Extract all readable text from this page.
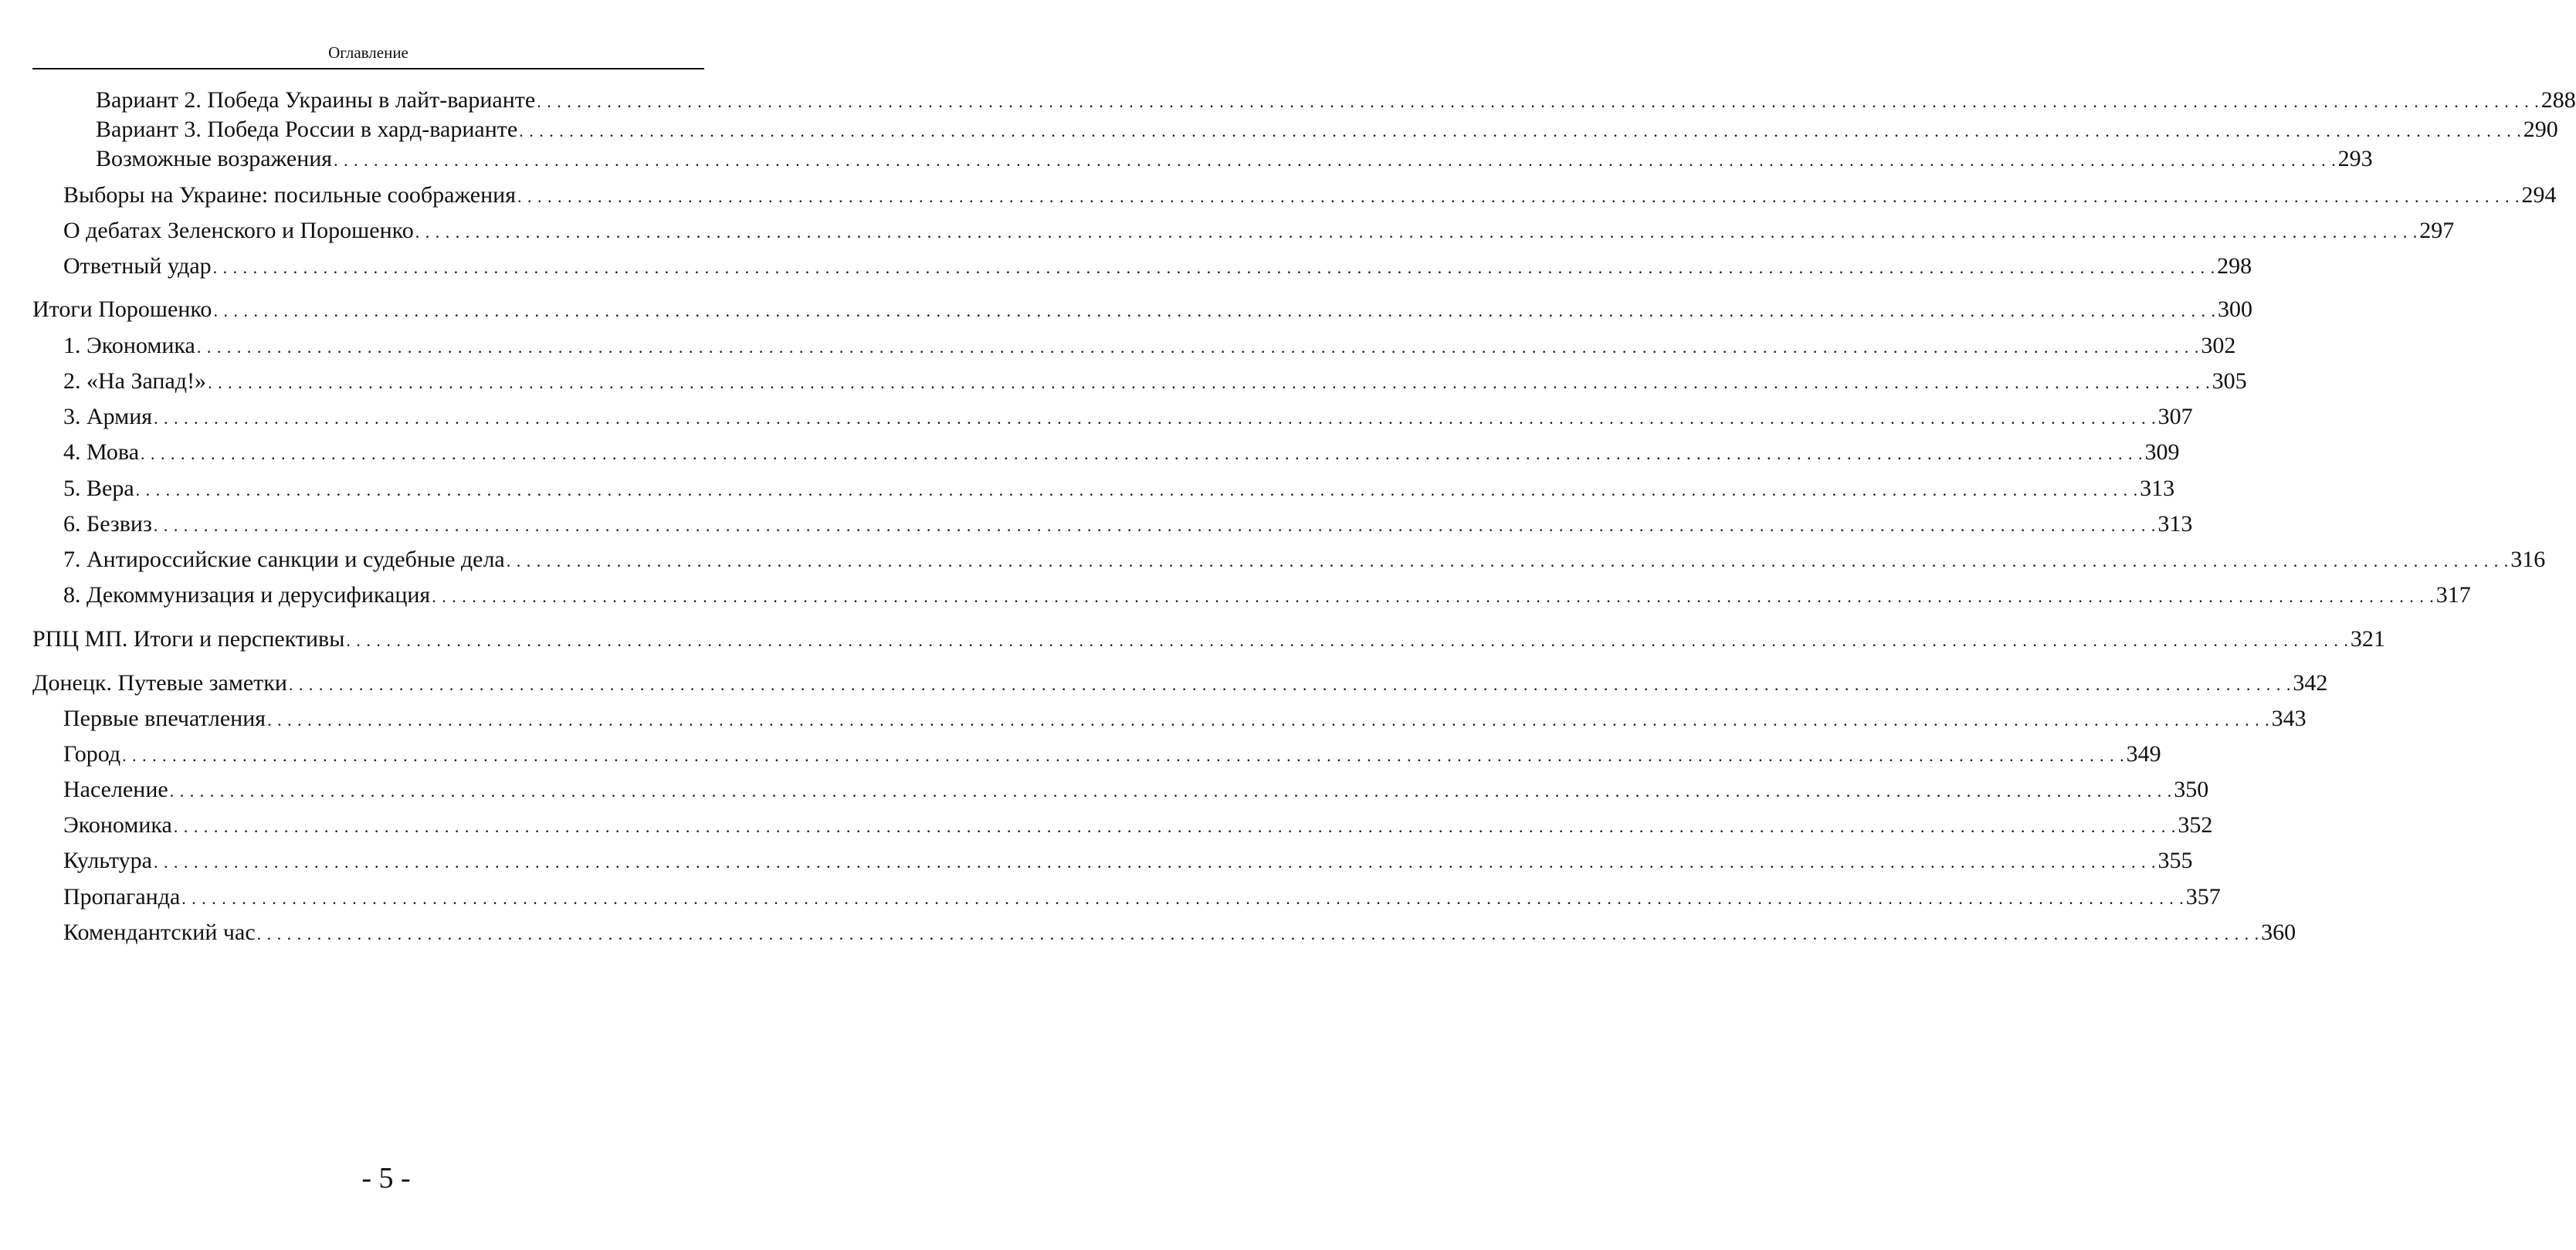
Оглавление
Вариант 2. Победа Украины в лайт-варианте . . . . . . . . . . . . . . . . . . . . . . . . . . . . . . . . . . . . . . . . . . . . . . . . . . . . . . . . . . . . . . . . . . . . . . . . . . . . . . . . . . . . . . . . . . . . . . . . . . . . . . . . . . . . . . . . . . . . . . . . . . . . . . . . . . . . . . . . . . . . . . . . . . . . . . . . . . . . . . . . . . . . . . . . . . . . . . . . . . . . . . . . . . . . . . . . . . . . . . . . 288
Вариант 3. Победа России в хард-варианте . . . . . . . . . . . . . . . . . . . . . . . . . . . . . . . . . . . . . . . . . . . . . . . . . . . . . . . . . . . . . . . . . . . . . . . . . . . . . . . . . . . . . . . . . . . . . . . . . . . . . . . . . . . . . . . . . . . . . . . . . . . . . . . . . . . . . . . . . . . . . . . . . . . . . . . . . . . . . . . . . . . . . . . . . . . . . . . . . . . . . . . . . . . . . . . . . . . . . . . . 290
Возможные возражения . . . . . . . . . . . . . . . . . . . . . . . . . . . . . . . . . . . . . . . . . . . . . . . . . . . . . . . . . . . . . . . . . . . . . . . . . . . . . . . . . . . . . . . . . . . . . . . . . . . . . . . . . . . . . . . . . . . . . . . . . . . . . . . . . . . . . . . . . . . . . . . . . . . . . . . . . . . . . . . . . . . . . . . . . . . . . . . . . . . . . . . . . . . . . . . . . . . . . . . . 293
Выборы на Украине: посильные соображения . . . . . . . . . . . . . . . . . . . . . . . . . . . . . . . . . . . . . . . . . . . . . . . . . . . . . . . . . . . . . . . . . . . . . . . . . . . . . . . . . . . . . . . . . . . . . . . . . . . . . . . . . . . . . . . . . . . . . . . . . . . . . . . . . . . . . . . . . . . . . . . . . . . . . . . . . . . . . . . . . . . . . . . . . . . . . . . . . . . . . . . . . . . . . . . . . . . . . . . . 294
О дебатах Зеленского и Порошенко . . . . . . . . . . . . . . . . . . . . . . . . . . . . . . . . . . . . . . . . . . . . . . . . . . . . . . . . . . . . . . . . . . . . . . . . . . . . . . . . . . . . . . . . . . . . . . . . . . . . . . . . . . . . . . . . . . . . . . . . . . . . . . . . . . . . . . . . . . . . . . . . . . . . . . . . . . . . . . . . . . . . . . . . . . . . . . . . . . . . . . . . . . . . . . . . . . . . . . . . 297
Ответный удар . . . . . . . . . . . . . . . . . . . . . . . . . . . . . . . . . . . . . . . . . . . . . . . . . . . . . . . . . . . . . . . . . . . . . . . . . . . . . . . . . . . . . . . . . . . . . . . . . . . . . . . . . . . . . . . . . . . . . . . . . . . . . . . . . . . . . . . . . . . . . . . . . . . . . . . . . . . . . . . . . . . . . . . . . . . . . . . . . . . . . . . . . . . . . . . . . . . . . . . . 298
Итоги Порошенко . . . . . . . . . . . . . . . . . . . . . . . . . . . . . . . . . . . . . . . . . . . . . . . . . . . . . . . . . . . . . . . . . . . . . . . . . . . . . . . . . . . . . . . . . . . . . . . . . . . . . . . . . . . . . . . . . . . . . . . . . . . . . . . . . . . . . . . . . . . . . . . . . . . . . . . . . . . . . . . . . . . . . . . . . . . . . . . . . . . . . . . . . . . . . . . . . . . . . . . . 300
1. Экономика . . . . . . . . . . . . . . . . . . . . . . . . . . . . . . . . . . . . . . . . . . . . . . . . . . . . . . . . . . . . . . . . . . . . . . . . . . . . . . . . . . . . . . . . . . . . . . . . . . . . . . . . . . . . . . . . . . . . . . . . . . . . . . . . . . . . . . . . . . . . . . . . . . . . . . . . . . . . . . . . . . . . . . . . . . . . . . . . . . . . . . . . . . . . . . . . . . . . . . . . 302
2. «На Запад!» . . . . . . . . . . . . . . . . . . . . . . . . . . . . . . . . . . . . . . . . . . . . . . . . . . . . . . . . . . . . . . . . . . . . . . . . . . . . . . . . . . . . . . . . . . . . . . . . . . . . . . . . . . . . . . . . . . . . . . . . . . . . . . . . . . . . . . . . . . . . . . . . . . . . . . . . . . . . . . . . . . . . . . . . . . . . . . . . . . . . . . . . . . . . . . . . . . . . . . . . 305
3. Армия . . . . . . . . . . . . . . . . . . . . . . . . . . . . . . . . . . . . . . . . . . . . . . . . . . . . . . . . . . . . . . . . . . . . . . . . . . . . . . . . . . . . . . . . . . . . . . . . . . . . . . . . . . . . . . . . . . . . . . . . . . . . . . . . . . . . . . . . . . . . . . . . . . . . . . . . . . . . . . . . . . . . . . . . . . . . . . . . . . . . . . . . . . . . . . . . . . . . . . . . 307
4. Мова . . . . . . . . . . . . . . . . . . . . . . . . . . . . . . . . . . . . . . . . . . . . . . . . . . . . . . . . . . . . . . . . . . . . . . . . . . . . . . . . . . . . . . . . . . . . . . . . . . . . . . . . . . . . . . . . . . . . . . . . . . . . . . . . . . . . . . . . . . . . . . . . . . . . . . . . . . . . . . . . . . . . . . . . . . . . . . . . . . . . . . . . . . . . . . . . . . . . . . . . 309
5. Вера . . . . . . . . . . . . . . . . . . . . . . . . . . . . . . . . . . . . . . . . . . . . . . . . . . . . . . . . . . . . . . . . . . . . . . . . . . . . . . . . . . . . . . . . . . . . . . . . . . . . . . . . . . . . . . . . . . . . . . . . . . . . . . . . . . . . . . . . . . . . . . . . . . . . . . . . . . . . . . . . . . . . . . . . . . . . . . . . . . . . . . . . . . . . . . . . . . . . . . . . 313
6. Безвиз . . . . . . . . . . . . . . . . . . . . . . . . . . . . . . . . . . . . . . . . . . . . . . . . . . . . . . . . . . . . . . . . . . . . . . . . . . . . . . . . . . . . . . . . . . . . . . . . . . . . . . . . . . . . . . . . . . . . . . . . . . . . . . . . . . . . . . . . . . . . . . . . . . . . . . . . . . . . . . . . . . . . . . . . . . . . . . . . . . . . . . . . . . . . . . . . . . . . . . . . 313
7. Антироссийские санкции и судебные дела . . . . . . . . . . . . . . . . . . . . . . . . . . . . . . . . . . . . . . . . . . . . . . . . . . . . . . . . . . . . . . . . . . . . . . . . . . . . . . . . . . . . . . . . . . . . . . . . . . . . . . . . . . . . . . . . . . . . . . . . . . . . . . . . . . . . . . . . . . . . . . . . . . . . . . . . . . . . . . . . . . . . . . . . . . . . . . . . . . . . . . . . . . . . . . . . . . . . . . . . 316
8. Декоммунизация и дерусификация . . . . . . . . . . . . . . . . . . . . . . . . . . . . . . . . . . . . . . . . . . . . . . . . . . . . . . . . . . . . . . . . . . . . . . . . . . . . . . . . . . . . . . . . . . . . . . . . . . . . . . . . . . . . . . . . . . . . . . . . . . . . . . . . . . . . . . . . . . . . . . . . . . . . . . . . . . . . . . . . . . . . . . . . . . . . . . . . . . . . . . . . . . . . . . . . . . . . . . . . 317
РПЦ МП. Итоги и перспективы . . . . . . . . . . . . . . . . . . . . . . . . . . . . . . . . . . . . . . . . . . . . . . . . . . . . . . . . . . . . . . . . . . . . . . . . . . . . . . . . . . . . . . . . . . . . . . . . . . . . . . . . . . . . . . . . . . . . . . . . . . . . . . . . . . . . . . . . . . . . . . . . . . . . . . . . . . . . . . . . . . . . . . . . . . . . . . . . . . . . . . . . . . . . . . . . . . . . . . . . 321
Донецк. Путевые заметки . . . . . . . . . . . . . . . . . . . . . . . . . . . . . . . . . . . . . . . . . . . . . . . . . . . . . . . . . . . . . . . . . . . . . . . . . . . . . . . . . . . . . . . . . . . . . . . . . . . . . . . . . . . . . . . . . . . . . . . . . . . . . . . . . . . . . . . . . . . . . . . . . . . . . . . . . . . . . . . . . . . . . . . . . . . . . . . . . . . . . . . . . . . . . . . . . . . . . . . . 342
Первые впечатления . . . . . . . . . . . . . . . . . . . . . . . . . . . . . . . . . . . . . . . . . . . . . . . . . . . . . . . . . . . . . . . . . . . . . . . . . . . . . . . . . . . . . . . . . . . . . . . . . . . . . . . . . . . . . . . . . . . . . . . . . . . . . . . . . . . . . . . . . . . . . . . . . . . . . . . . . . . . . . . . . . . . . . . . . . . . . . . . . . . . . . . . . . . . . . . . . . . . . . . . 343
Город . . . . . . . . . . . . . . . . . . . . . . . . . . . . . . . . . . . . . . . . . . . . . . . . . . . . . . . . . . . . . . . . . . . . . . . . . . . . . . . . . . . . . . . . . . . . . . . . . . . . . . . . . . . . . . . . . . . . . . . . . . . . . . . . . . . . . . . . . . . . . . . . . . . . . . . . . . . . . . . . . . . . . . . . . . . . . . . . . . . . . . . . . . . . . . . . . . . . . . . . 349
Население . . . . . . . . . . . . . . . . . . . . . . . . . . . . . . . . . . . . . . . . . . . . . . . . . . . . . . . . . . . . . . . . . . . . . . . . . . . . . . . . . . . . . . . . . . . . . . . . . . . . . . . . . . . . . . . . . . . . . . . . . . . . . . . . . . . . . . . . . . . . . . . . . . . . . . . . . . . . . . . . . . . . . . . . . . . . . . . . . . . . . . . . . . . . . . . . . . . . . . . . 350
Экономика . . . . . . . . . . . . . . . . . . . . . . . . . . . . . . . . . . . . . . . . . . . . . . . . . . . . . . . . . . . . . . . . . . . . . . . . . . . . . . . . . . . . . . . . . . . . . . . . . . . . . . . . . . . . . . . . . . . . . . . . . . . . . . . . . . . . . . . . . . . . . . . . . . . . . . . . . . . . . . . . . . . . . . . . . . . . . . . . . . . . . . . . . . . . . . . . . . . . . . . . 352
Культура . . . . . . . . . . . . . . . . . . . . . . . . . . . . . . . . . . . . . . . . . . . . . . . . . . . . . . . . . . . . . . . . . . . . . . . . . . . . . . . . . . . . . . . . . . . . . . . . . . . . . . . . . . . . . . . . . . . . . . . . . . . . . . . . . . . . . . . . . . . . . . . . . . . . . . . . . . . . . . . . . . . . . . . . . . . . . . . . . . . . . . . . . . . . . . . . . . . . . . . . 355
Пропаганда . . . . . . . . . . . . . . . . . . . . . . . . . . . . . . . . . . . . . . . . . . . . . . . . . . . . . . . . . . . . . . . . . . . . . . . . . . . . . . . . . . . . . . . . . . . . . . . . . . . . . . . . . . . . . . . . . . . . . . . . . . . . . . . . . . . . . . . . . . . . . . . . . . . . . . . . . . . . . . . . . . . . . . . . . . . . . . . . . . . . . . . . . . . . . . . . . . . . . . . . 357
Комендантский час . . . . . . . . . . . . . . . . . . . . . . . . . . . . . . . . . . . . . . . . . . . . . . . . . . . . . . . . . . . . . . . . . . . . . . . . . . . . . . . . . . . . . . . . . . . . . . . . . . . . . . . . . . . . . . . . . . . . . . . . . . . . . . . . . . . . . . . . . . . . . . . . . . . . . . . . . . . . . . . . . . . . . . . . . . . . . . . . . . . . . . . . . . . . . . . . . . . . . . . . 360
- 5 -
